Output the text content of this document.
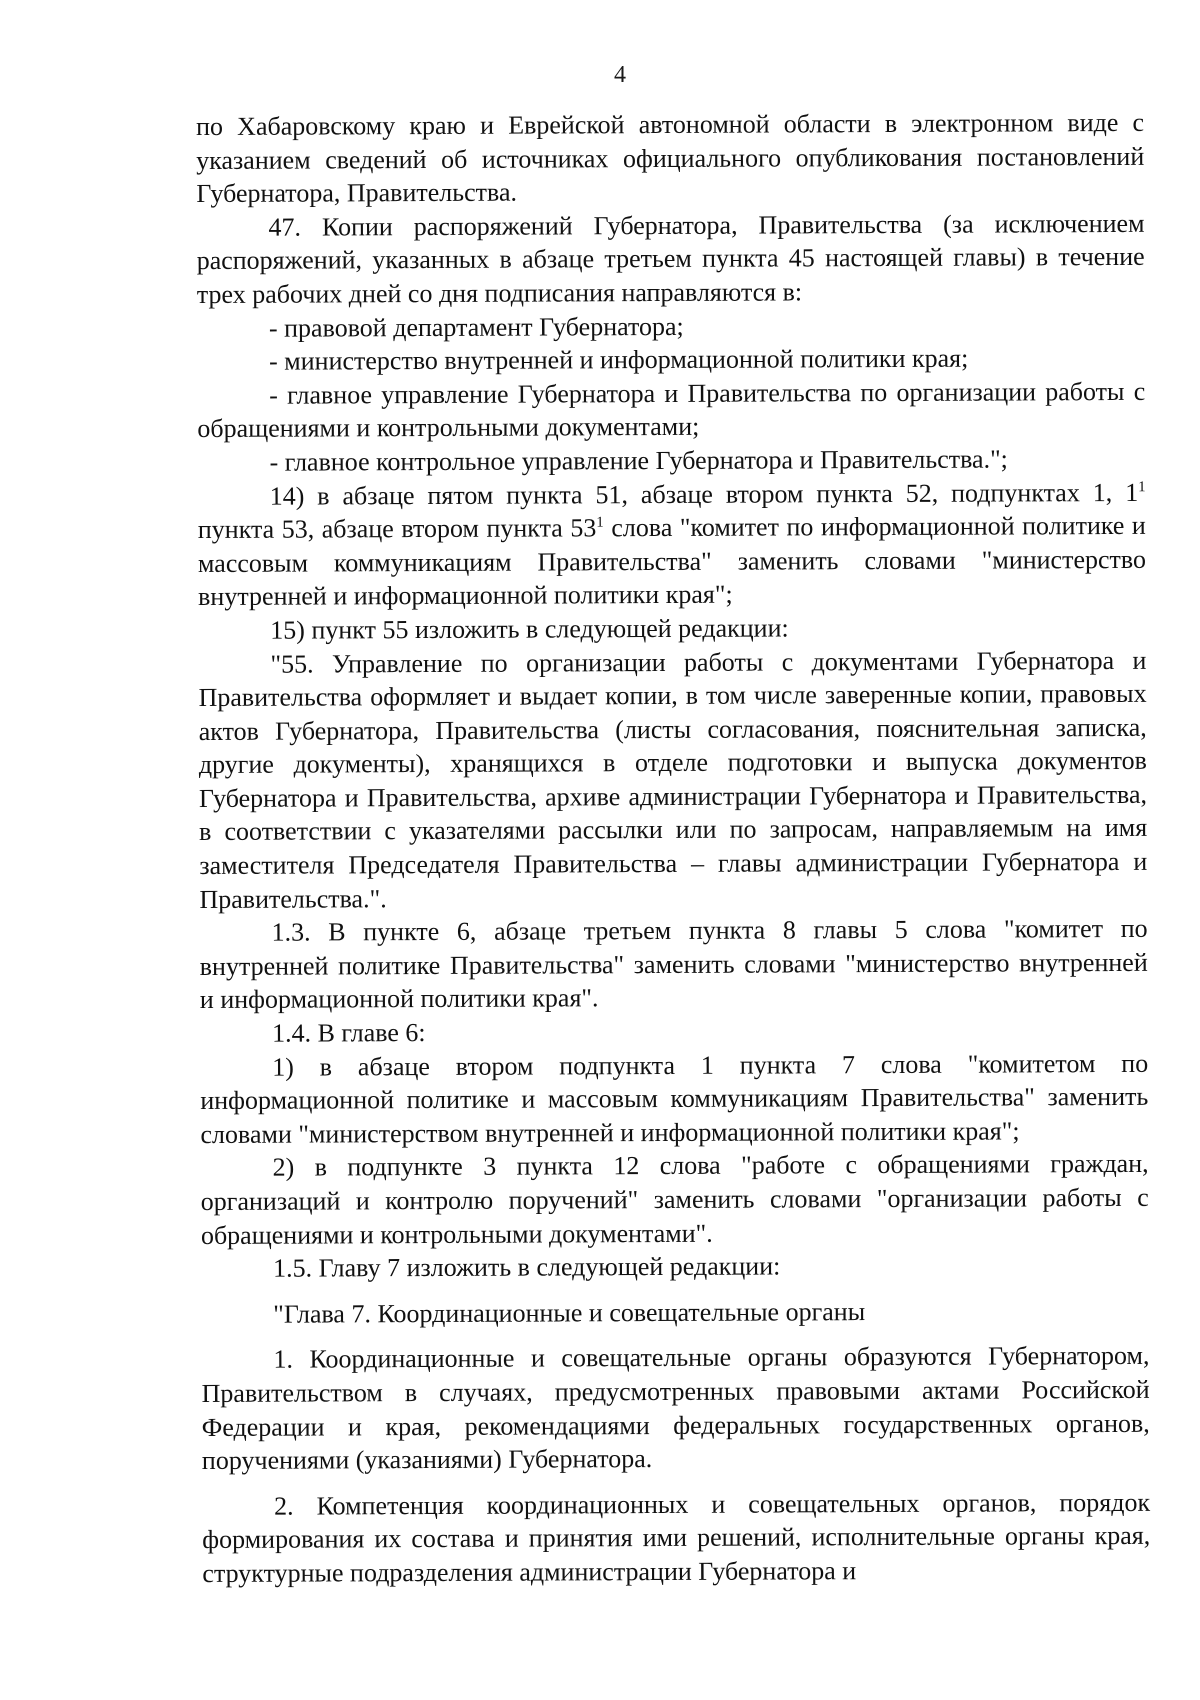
4

по Хабаровскому краю и Еврейской автономной области в электронном виде с указанием сведений об источниках официального опубликования постановлений Губернатора, Правительства.

47. Копии распоряжений Губернатора, Правительства (за исключением распоряжений, указанных в абзаце третьем пункта 45 настоящей главы) в течение трех рабочих дней со дня подписания направляются в:

- правовой департамент Губернатора;

- министерство внутренней и информационной политики края;

- главное управление Губернатора и Правительства по организации работы с обращениями и контрольными документами;

- главное контрольное управление Губернатора и Правительства.";

14) в абзаце пятом пункта 51, абзаце втором пункта 52, подпунктах 1, $1^1$ пункта 53, абзаце втором пункта $53^1$ слова "комитет по информационной политике и массовым коммуникациям Правительства" заменить словами "министерство внутренней и информационной политики края";

15) пункт 55 изложить в следующей редакции:

"55. Управление по организации работы с документами Губернатора и Правительства оформляет и выдает копии, в том числе заверенные копии, правовых актов Губернатора, Правительства (листы согласования, пояснительная записка, другие документы), хранящихся в отделе подготовки и выпуска документов Губернатора и Правительства, архиве администрации Губернатора и Правительства, в соответствии с указателями рассылки или по запросам, направляемым на имя заместителя Председателя Правительства – главы администрации Губернатора и Правительства.".

1.3. В пункте 6, абзаце третьем пункта 8 главы 5 слова "комитет по внутренней политике Правительства" заменить словами "министерство внутренней и информационной политики края".

1.4. В главе 6:

1) в абзаце втором подпункта 1 пункта 7 слова "комитетом по информационной политике и массовым коммуникациям Правительства" заменить словами "министерством внутренней и информационной политики края";

2) в подпункте 3 пункта 12 слова "работе с обращениями граждан, организаций и контролю поручений" заменить словами "организации работы с обращениями и контрольными документами".

1.5. Главу 7 изложить в следующей редакции:

"Глава 7. Координационные и совещательные органы

1. Координационные и совещательные органы образуются Губернатором, Правительством в случаях, предусмотренных правовыми актами Российской Федерации и края, рекомендациями федеральных государственных органов, поручениями (указаниями) Губернатора.

2. Компетенция координационных и совещательных органов, порядок формирования их состава и принятия ими решений, исполнительные органы края, структурные подразделения администрации Губернатора и
